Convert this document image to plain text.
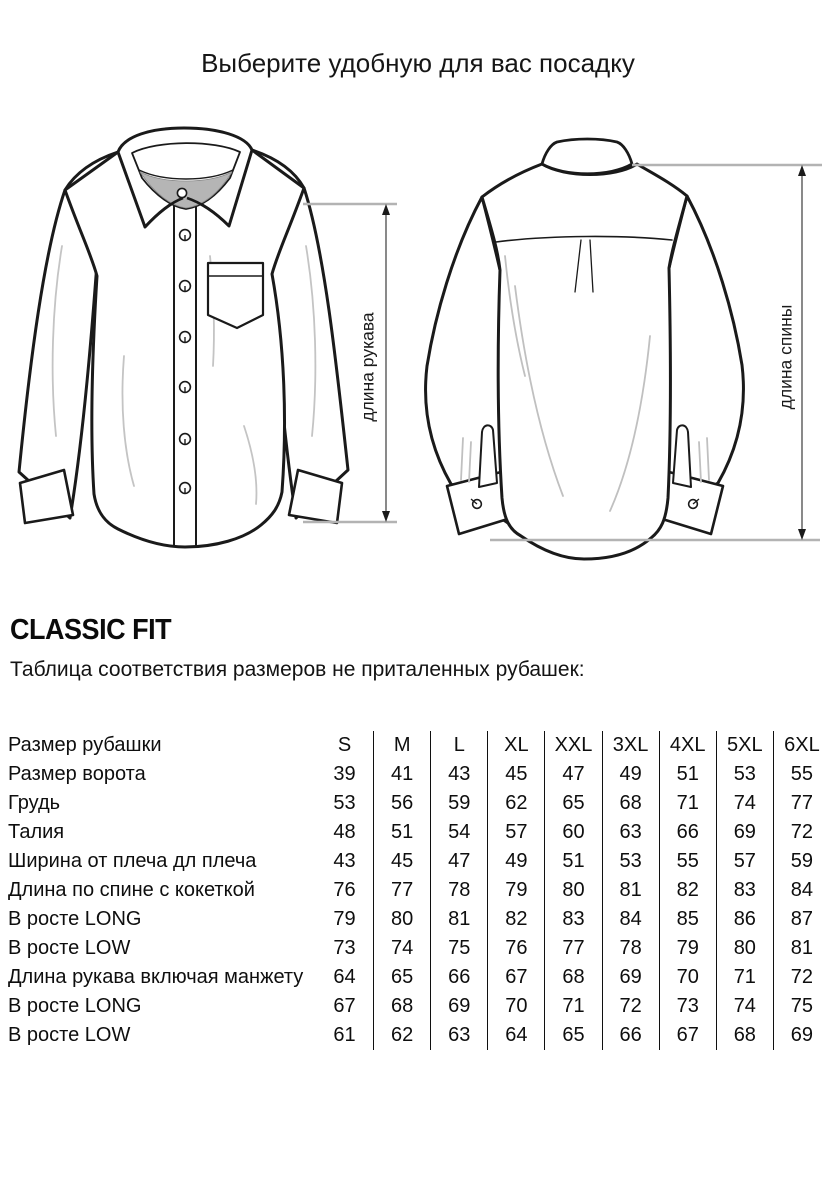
Выберите удобную для вас посадку
длина рукава	длина спины
CLASSIC FIT
Таблица соответствия размеров не приталенных рубашек:
Размер рубашки	S	M	L	XL	XXL	3XL	4XL	5XL	6XL
Размер ворота	39	41	43	45	47	49	51	53	55
Грудь	53	56	59	62	65	68	71	74	77
Талия	48	51	54	57	60	63	66	69	72
Ширина от плеча дл плеча	43	45	47	49	51	53	55	57	59
Длина по спине с кокеткой	76	77	78	79	80	81	82	83	84
В росте LONG	79	80	81	82	83	84	85	86	87
В росте LOW	73	74	75	76	77	78	79	80	81
Длина рукава включая манжету	64	65	66	67	68	69	70	71	72
В росте LONG	67	68	69	70	71	72	73	74	75
В росте LOW	61	62	63	64	65	66	67	68	69
